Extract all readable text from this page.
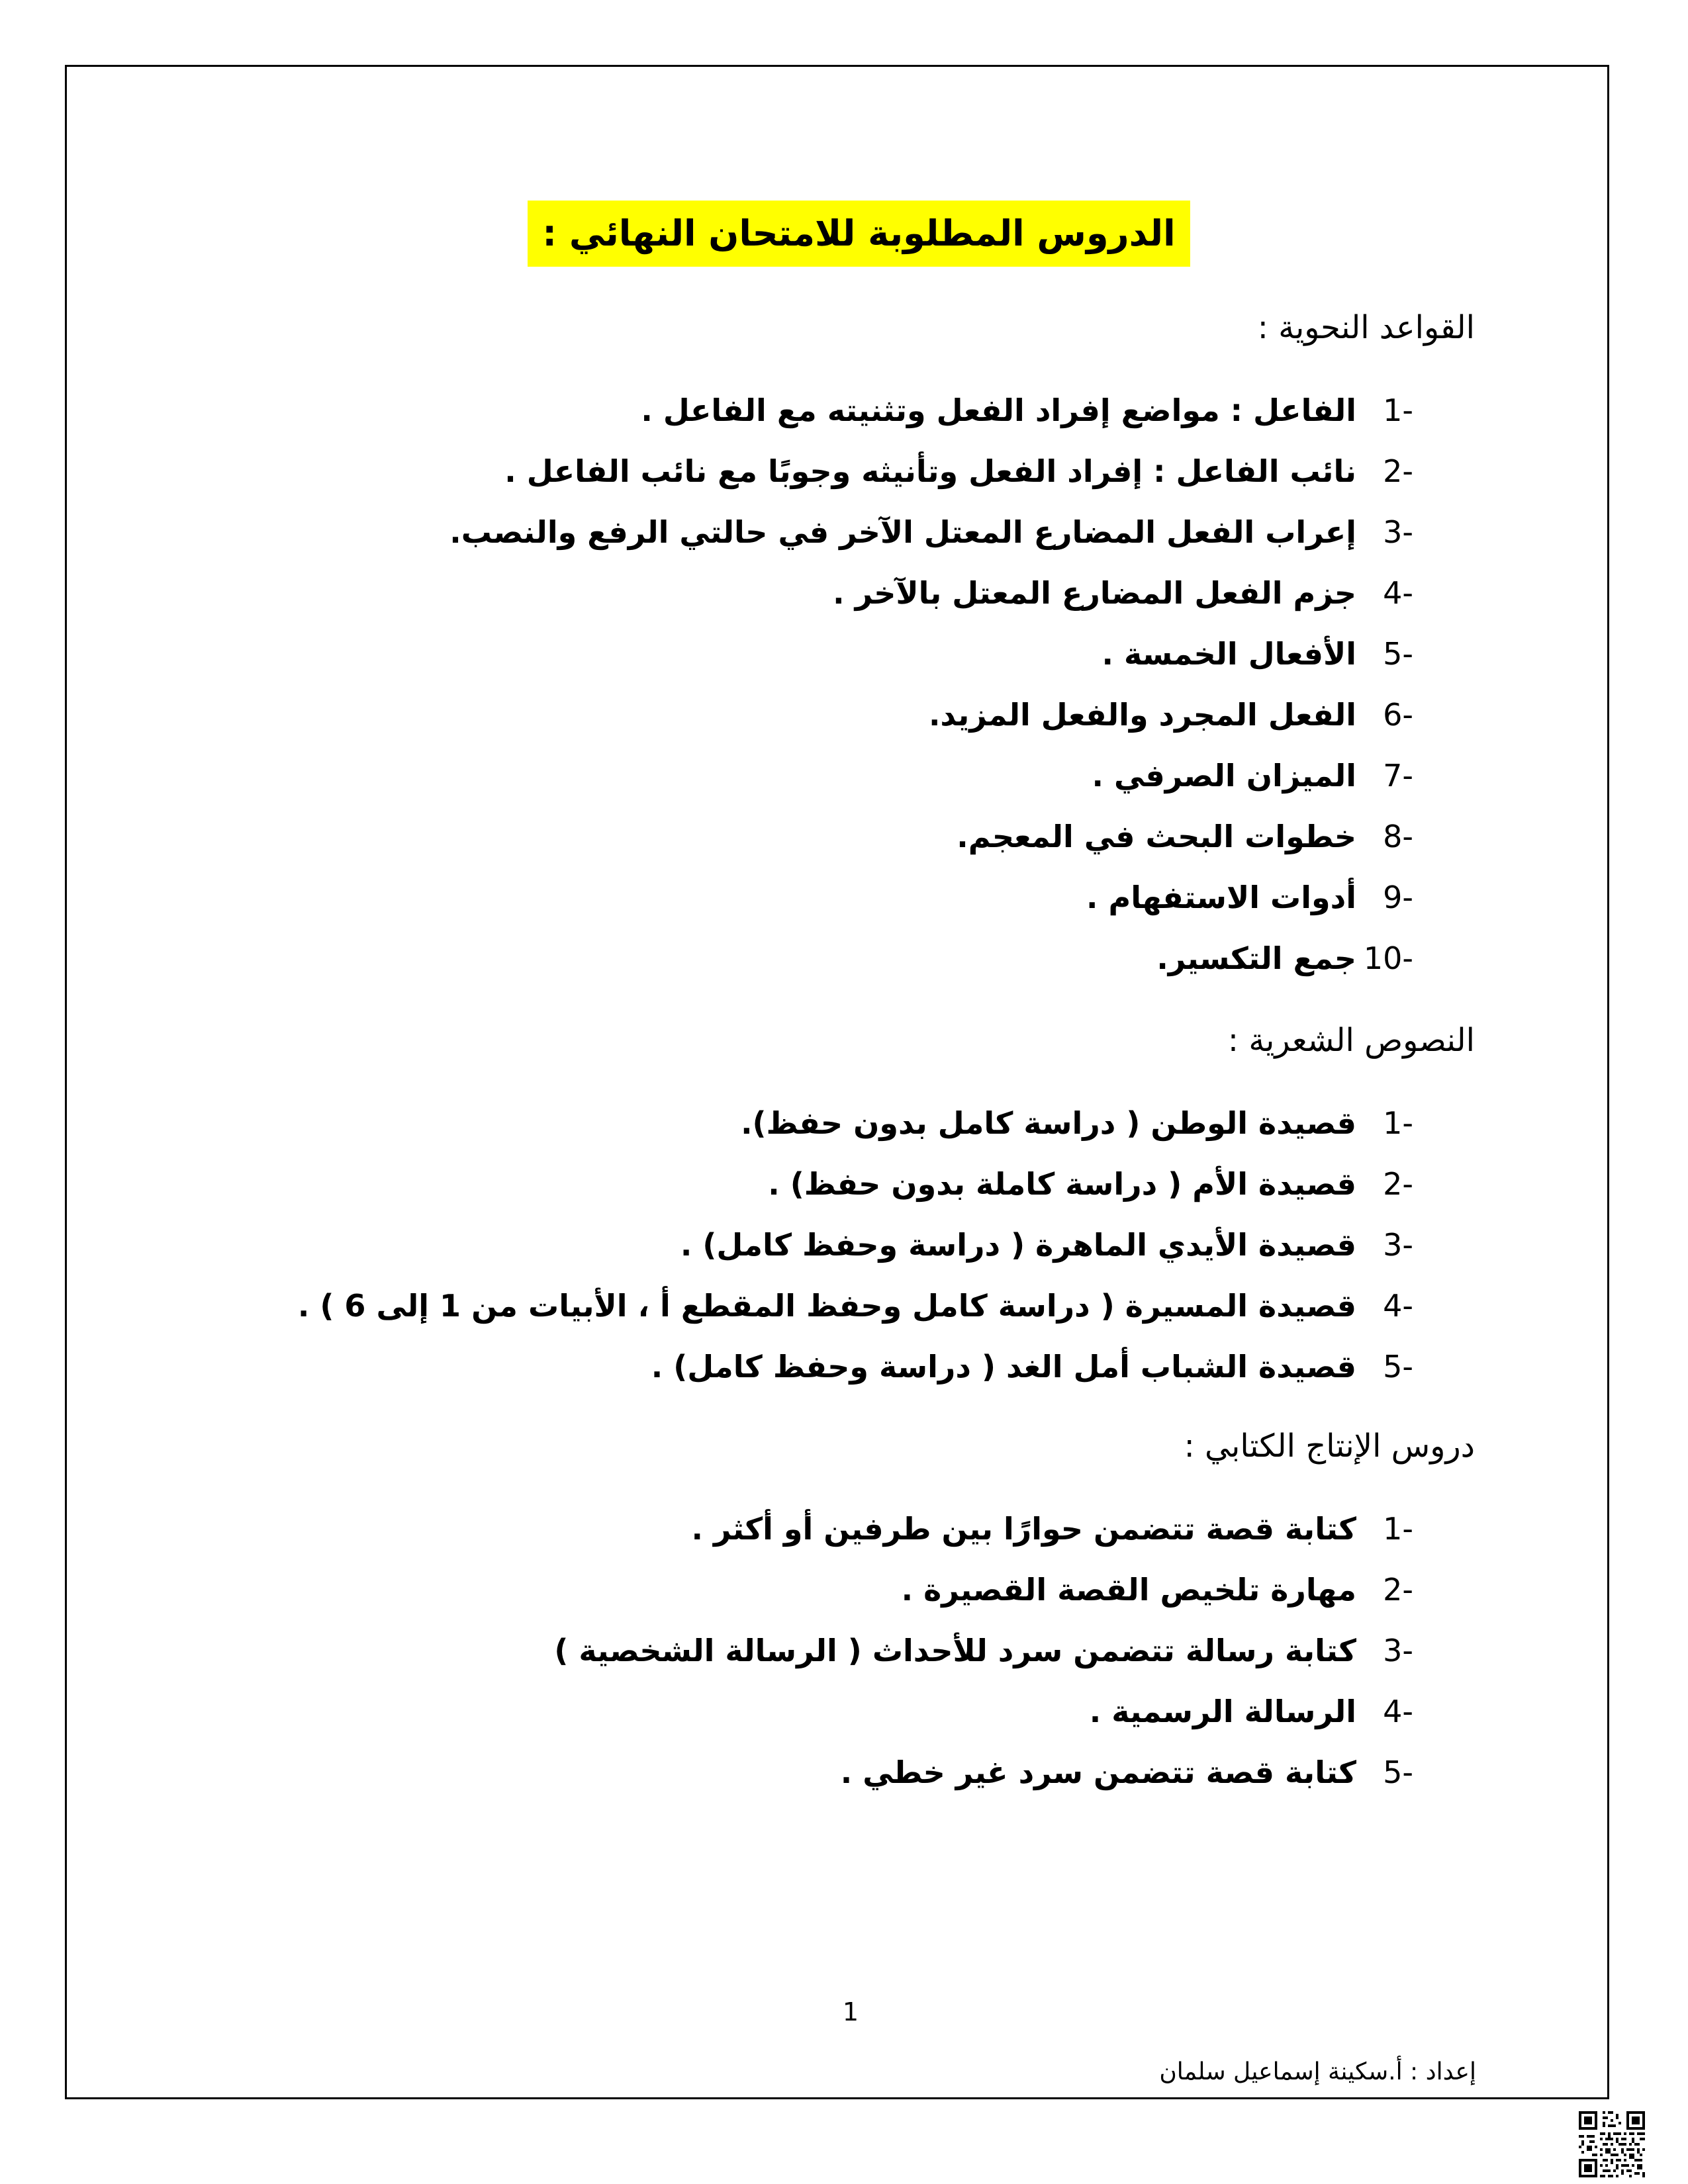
الدروس المطلوبة للامتحان النهائي :
القواعد النحوية :
1-
الفاعل : مواضع إفراد الفعل وتثنيته مع الفاعل .
2-
نائب الفاعل : إفراد الفعل وتأنيثه وجوبًا مع نائب الفاعل .
3-
إعراب الفعل المضارع المعتل الآخر في حالتي الرفع والنصب.
4-
جزم الفعل المضارع المعتل بالآخر .
5-
الأفعال الخمسة .
6-
الفعل المجرد والفعل المزيد.
7-
الميزان الصرفي .
8-
خطوات البحث في المعجم.
9-
أدوات الاستفهام .
10-
جمع التكسير.
النصوص الشعرية :
1-
قصيدة الوطن ( دراسة كامل بدون حفظ).
2-
قصيدة الأم ( دراسة كاملة بدون حفظ) .
3-
قصيدة الأيدي الماهرة ( دراسة وحفظ كامل) .
4-
قصيدة المسيرة ( دراسة كامل وحفظ المقطع أ ، الأبيات من 1 إلى 6 ) .
5-
قصيدة الشباب أمل الغد ( دراسة وحفظ كامل) .
دروس الإنتاج الكتابي :
1-
كتابة قصة تتضمن حوارًا بين طرفين أو أكثر .
2-
مهارة تلخيص القصة القصيرة .
3-
كتابة رسالة تتضمن سرد للأحداث ( الرسالة الشخصية )
4-
الرسالة الرسمية .
5-
كتابة قصة تتضمن سرد غير خطي .
1
إعداد : أ.سكينة إسماعيل سلمان
